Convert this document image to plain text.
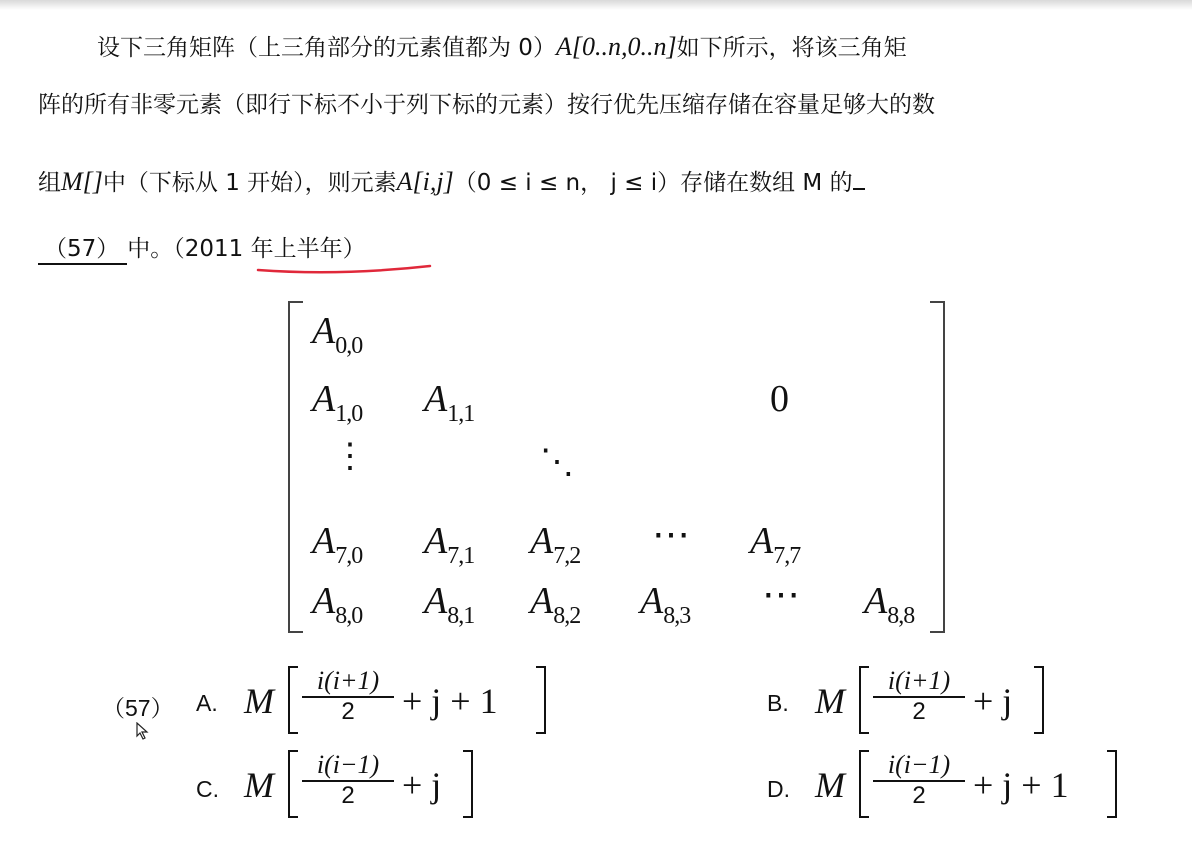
设下三角矩阵（上三角部分的元素值都为 0）A[0..n,0..n]如下所示，将该三角矩
阵的所有非零元素（即行下标不小于列下标的元素）按行优先压缩存储在容量足够大的数
组M[]中（下标从 1 开始），则元素A[i,j]（0 ≤ i ≤ n， j ≤ i）存储在数组 M 的
（57） 中。（2011 年上半年）
$A_{0,0}$
$A_{1,0}$ $A_{1,1}$	0
⋮	⋱
$A_{7,0}$ $A_{7,1}$ $A_{7,2}$ ⋯ $A_{7,7}$
$A_{8,0}$ $A_{8,1}$ $A_{8,2}$ $A_{8,3}$ ⋯ $A_{8,8}$
（57） A. M
i(i+1)
2	+ j + 1	B. M
i(i+1)
2	+ j
C. M
i(i−1)
2	+ j	D. M
i(i−1)
2	+ j + 1
